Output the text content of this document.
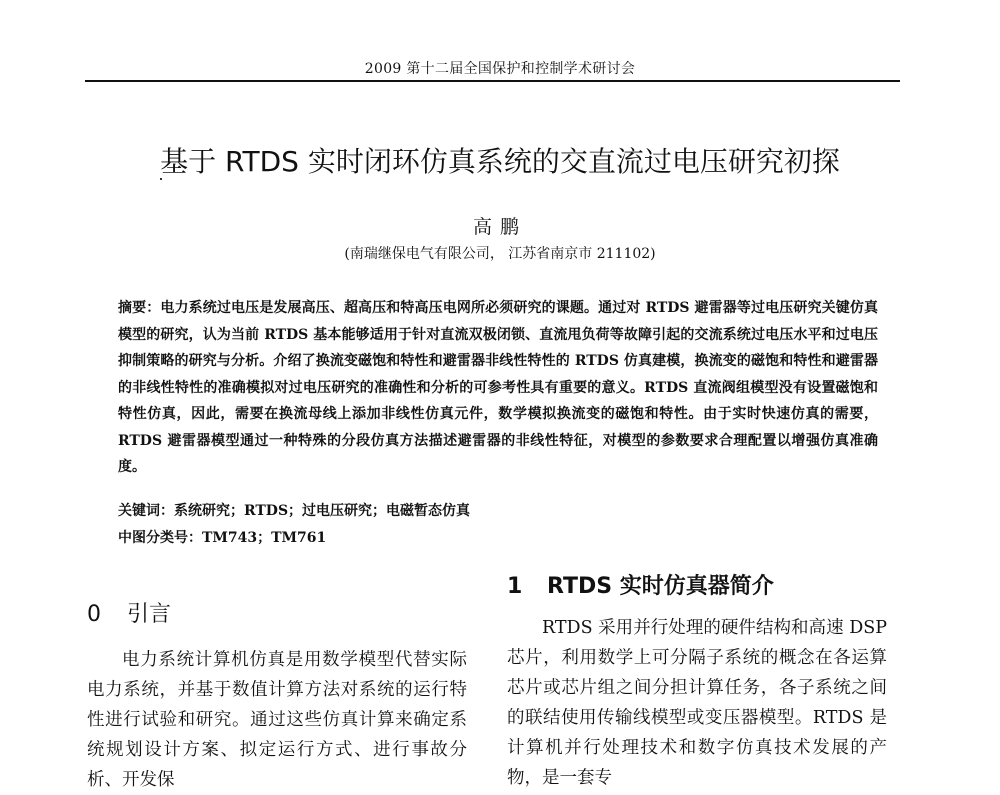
2009 第十二届全国保护和控制学术研讨会
基于 RTDS 实时闭环仿真系统的交直流过电压研究初探
高鹏
(南瑞继保电气有限公司， 江苏省南京市 211102)
摘要：电力系统过电压是发展高压、超高压和特高压电网所必须研究的课题。通过对 RTDS 避雷器等过电压研究关键仿真模型的研究，认为当前 RTDS 基本能够适用于针对直流双极闭锁、直流甩负荷等故障引起的交流系统过电压水平和过电压抑制策略的研究与分析。介绍了换流变磁饱和特性和避雷器非线性特性的 RTDS 仿真建模，换流变的磁饱和特性和避雷器的非线性特性的准确模拟对过电压研究的准确性和分析的可参考性具有重要的意义。RTDS 直流阀组模型没有设置磁饱和特性仿真，因此，需要在换流母线上添加非线性仿真元件，数学模拟换流变的磁饱和特性。由于实时快速仿真的需要，RTDS 避雷器模型通过一种特殊的分段仿真方法描述避雷器的非线性特征，对模型的参数要求合理配置以增强仿真准确度。
关键词：系统研究；RTDS；过电压研究；电磁暂态仿真
中图分类号：TM743；TM761
0 引言

电力系统计算机仿真是用数学模型代替实际电力系统，并基于数值计算方法对系统的运行特性进行试验和研究。通过这些仿真计算来确定系统规划设计方案、拟定运行方式、进行事故分析、开发保

1 RTDS 实时仿真器简介

RTDS 采用并行处理的硬件结构和高速 DSP 芯片，利用数学上可分隔子系统的概念在各运算芯片或芯片组之间分担计算任务，各子系统之间的联结使用传输线模型或变压器模型。RTDS 是计算机并行处理技术和数字仿真技术发展的产物，是一套专
